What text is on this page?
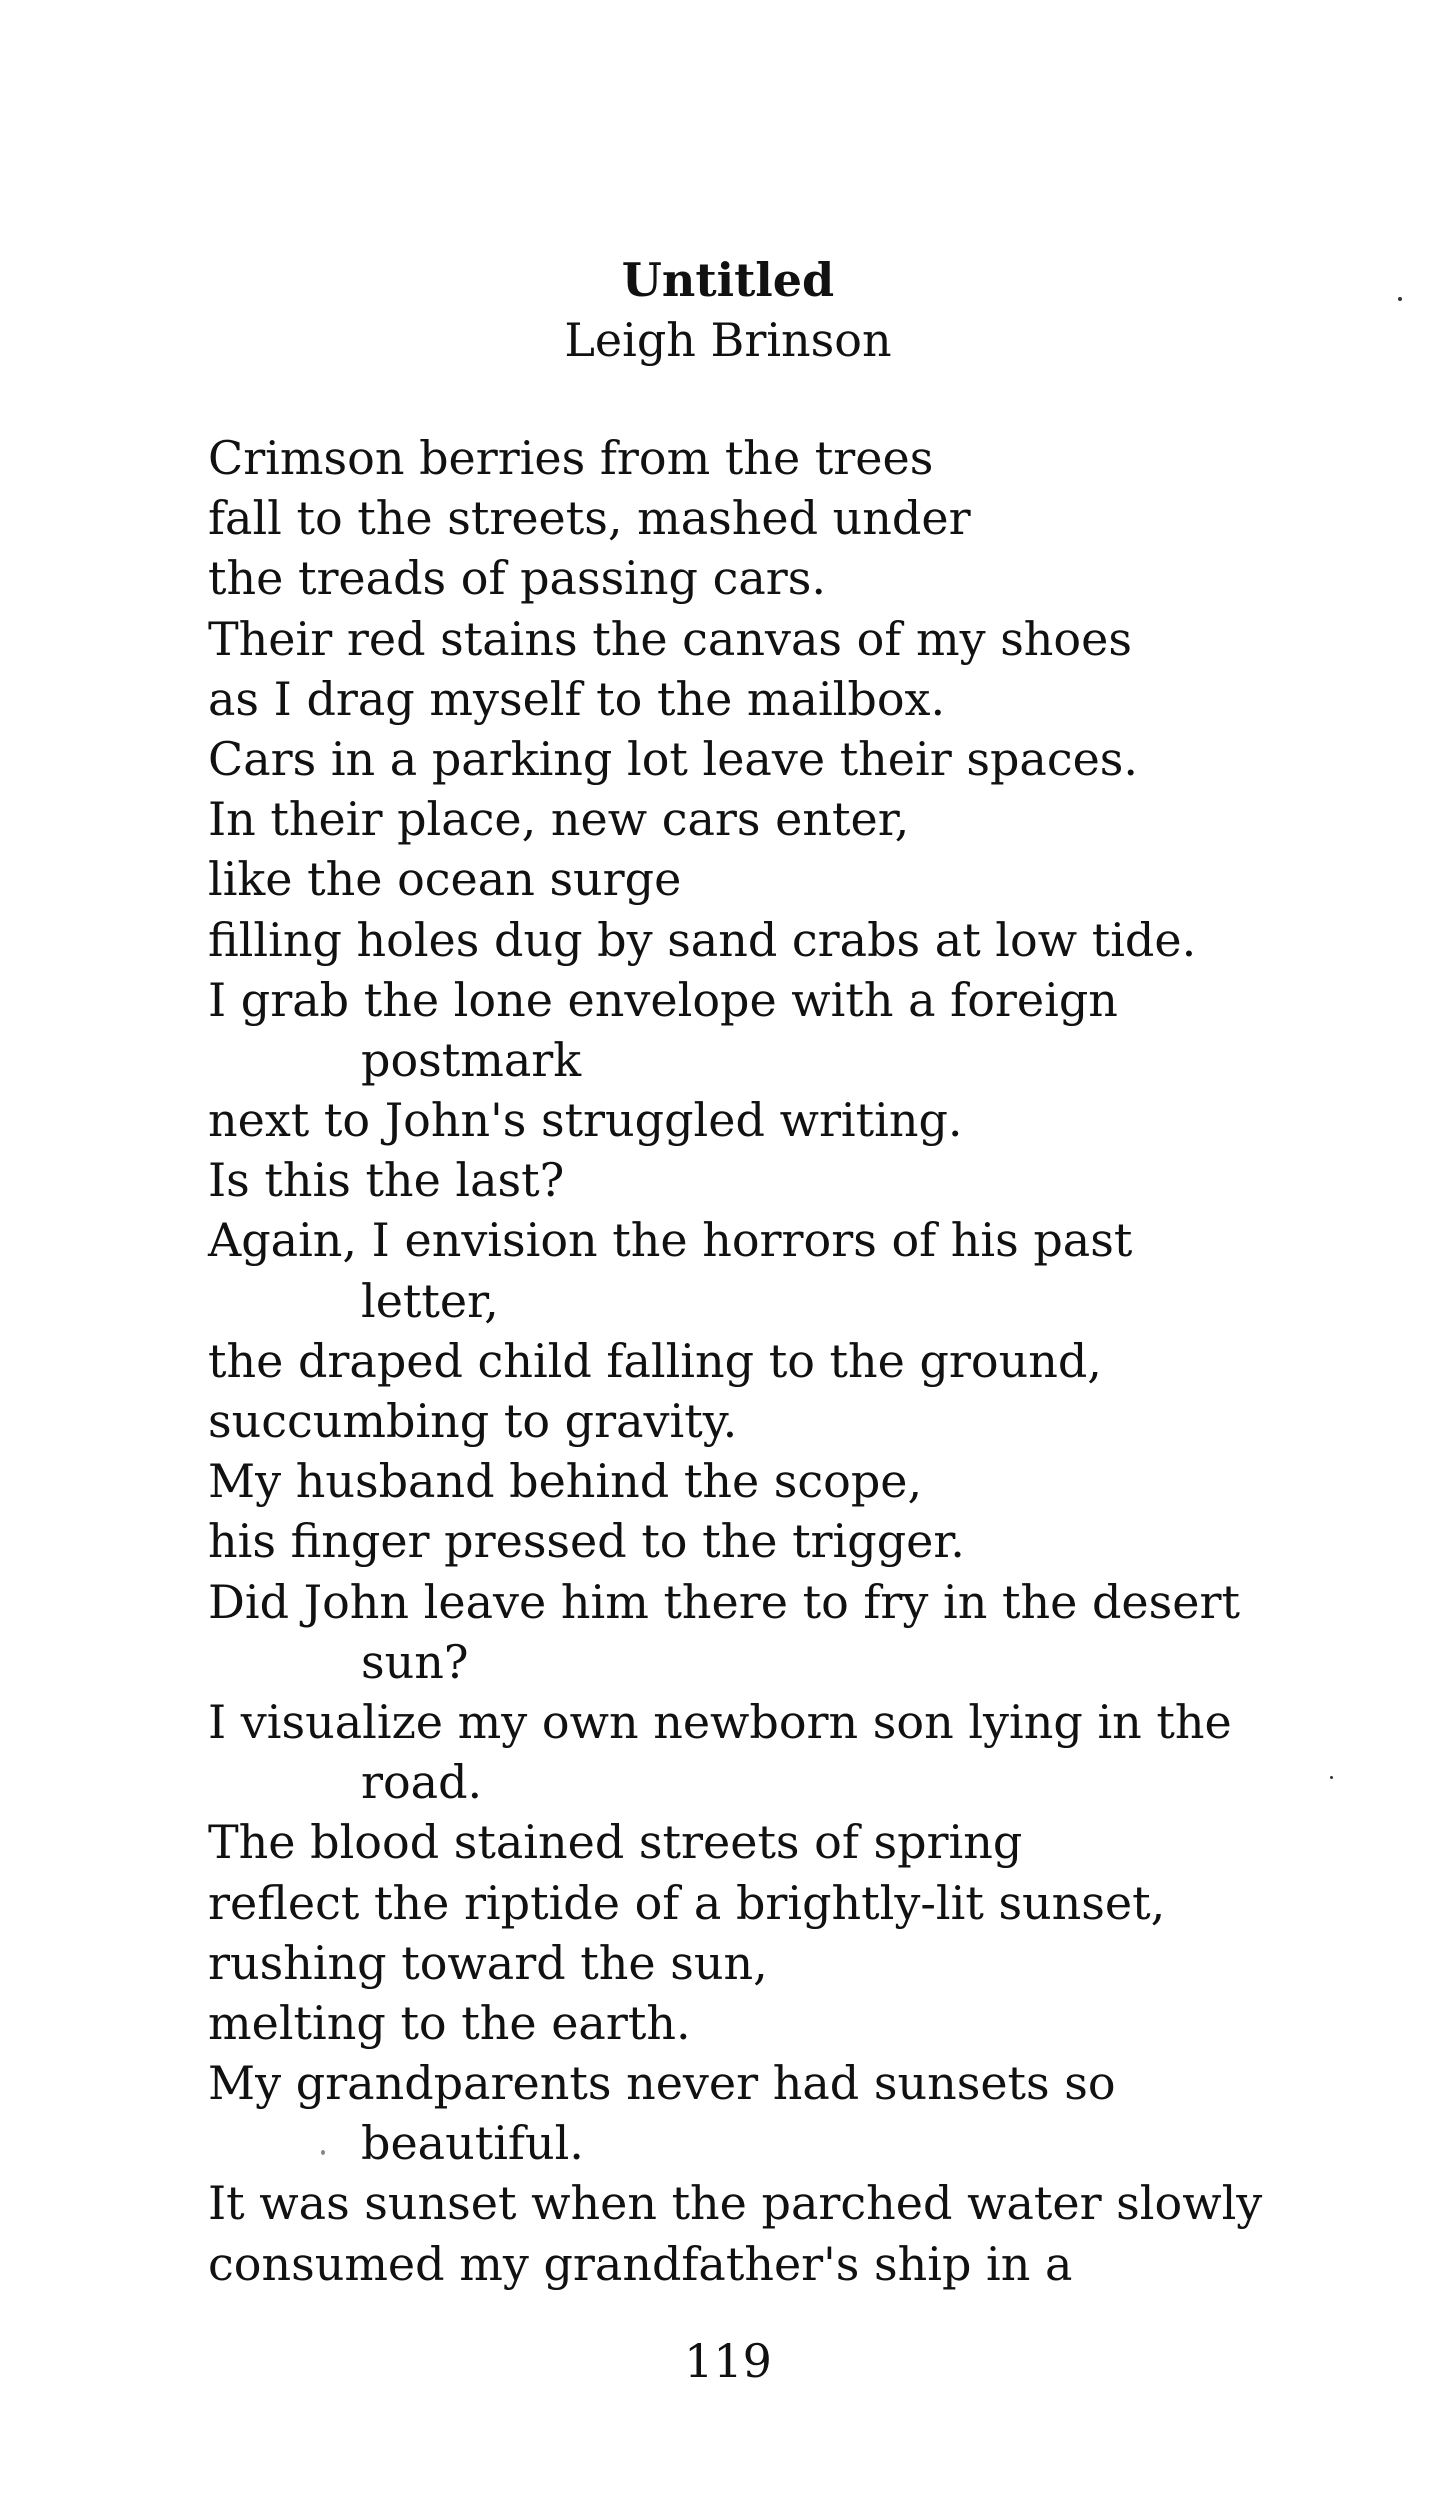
Untitled
Leigh Brinson
Crimson berries from the trees
fall to the streets, mashed under
the treads of passing cars.
Their red stains the canvas of my shoes
as I drag myself to the mailbox.
Cars in a parking lot leave their spaces.
In their place, new cars enter,
like the ocean surge
filling holes dug by sand crabs at low tide.
I grab the lone envelope with a foreign
postmark
next to John's struggled writing.
Is this the last?
Again, I envision the horrors of his past
letter,
the draped child falling to the ground,
succumbing to gravity.
My husband behind the scope,
his finger pressed to the trigger.
Did John leave him there to fry in the desert
sun?
I visualize my own newborn son lying in the
road.
The blood stained streets of spring
reflect the riptide of a brightly-lit sunset,
rushing toward the sun,
melting to the earth.
My grandparents never had sunsets so
beautiful.
It was sunset when the parched water slowly
consumed my grandfather's ship in a
119
